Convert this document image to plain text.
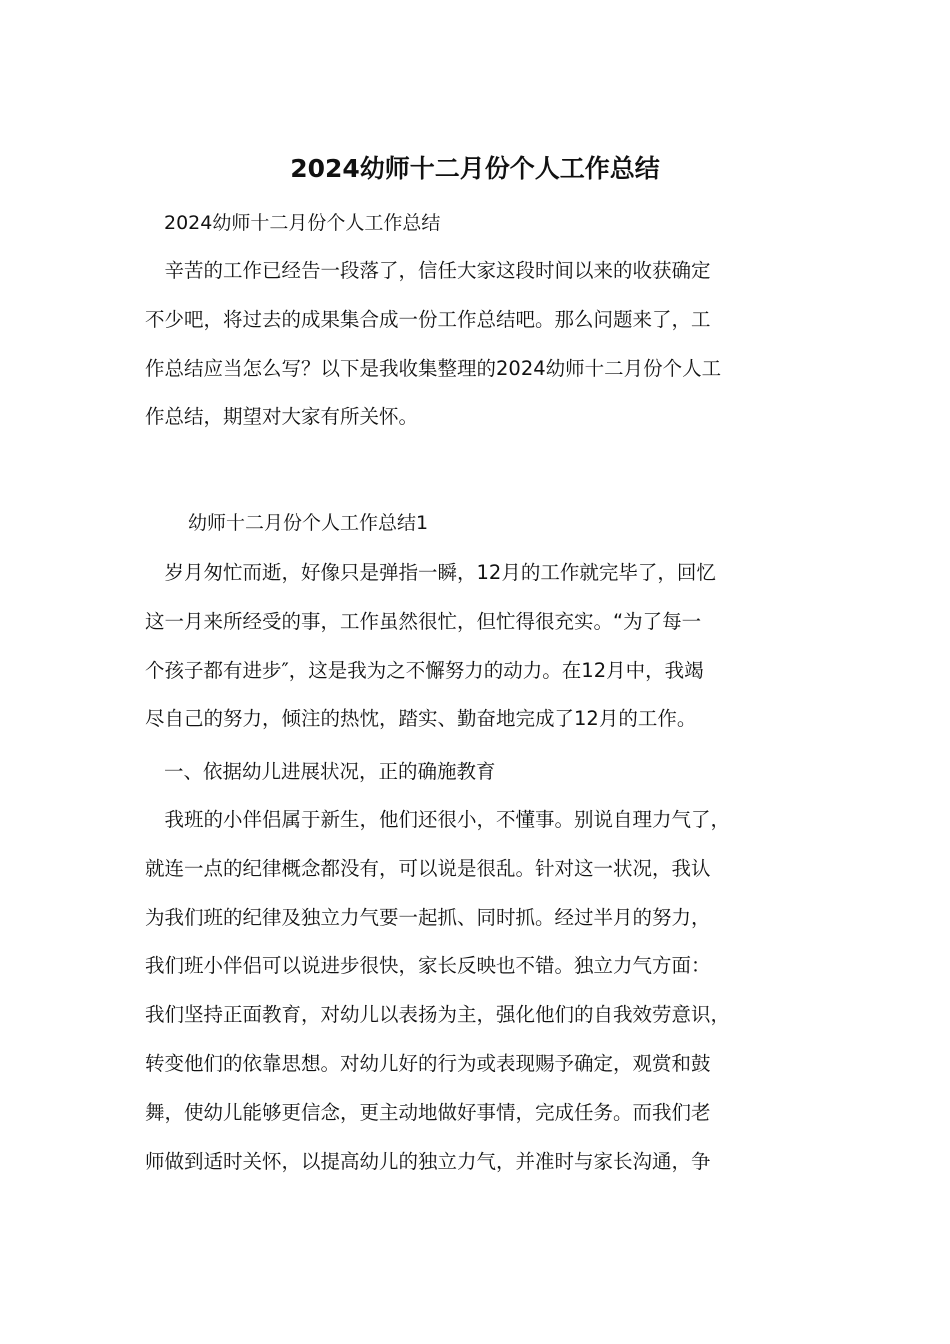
2024幼师十二月份个人工作总结
2024幼师十二月份个人工作总结
　辛苦的工作已经告一段落了，信任大家这段时间以来的收获确定
不少吧，将过去的成果集合成一份工作总结吧。那么问题来了，工
作总结应当怎么写？以下是我收集整理的2024幼师十二月份个人工
作总结，期望对大家有所关怀。
幼师十二月份个人工作总结1
　岁月匆忙而逝，好像只是弹指一瞬，12月的工作就完毕了，回忆
这一月来所经受的事，工作虽然很忙，但忙得很充实。“为了每一
个孩子都有进步″，这是我为之不懈努力的动力。在12月中，我竭
尽自己的努力，倾注的热忱，踏实、勤奋地完成了12月的工作。
一、依据幼儿进展状况，正的确施教育
　我班的小伴侣属于新生，他们还很小，不懂事。别说自理力气了，
就连一点的纪律概念都没有，可以说是很乱。针对这一状况，我认
为我们班的纪律及独立力气要一起抓、同时抓。经过半月的努力，
我们班小伴侣可以说进步很快，家长反映也不错。独立力气方面：
我们坚持正面教育，对幼儿以表扬为主，强化他们的自我效劳意识，
转变他们的依靠思想。对幼儿好的行为或表现赐予确定，观赏和鼓
舞，使幼儿能够更信念，更主动地做好事情，完成任务。而我们老
师做到适时关怀，以提高幼儿的独立力气，并准时与家长沟通，争
